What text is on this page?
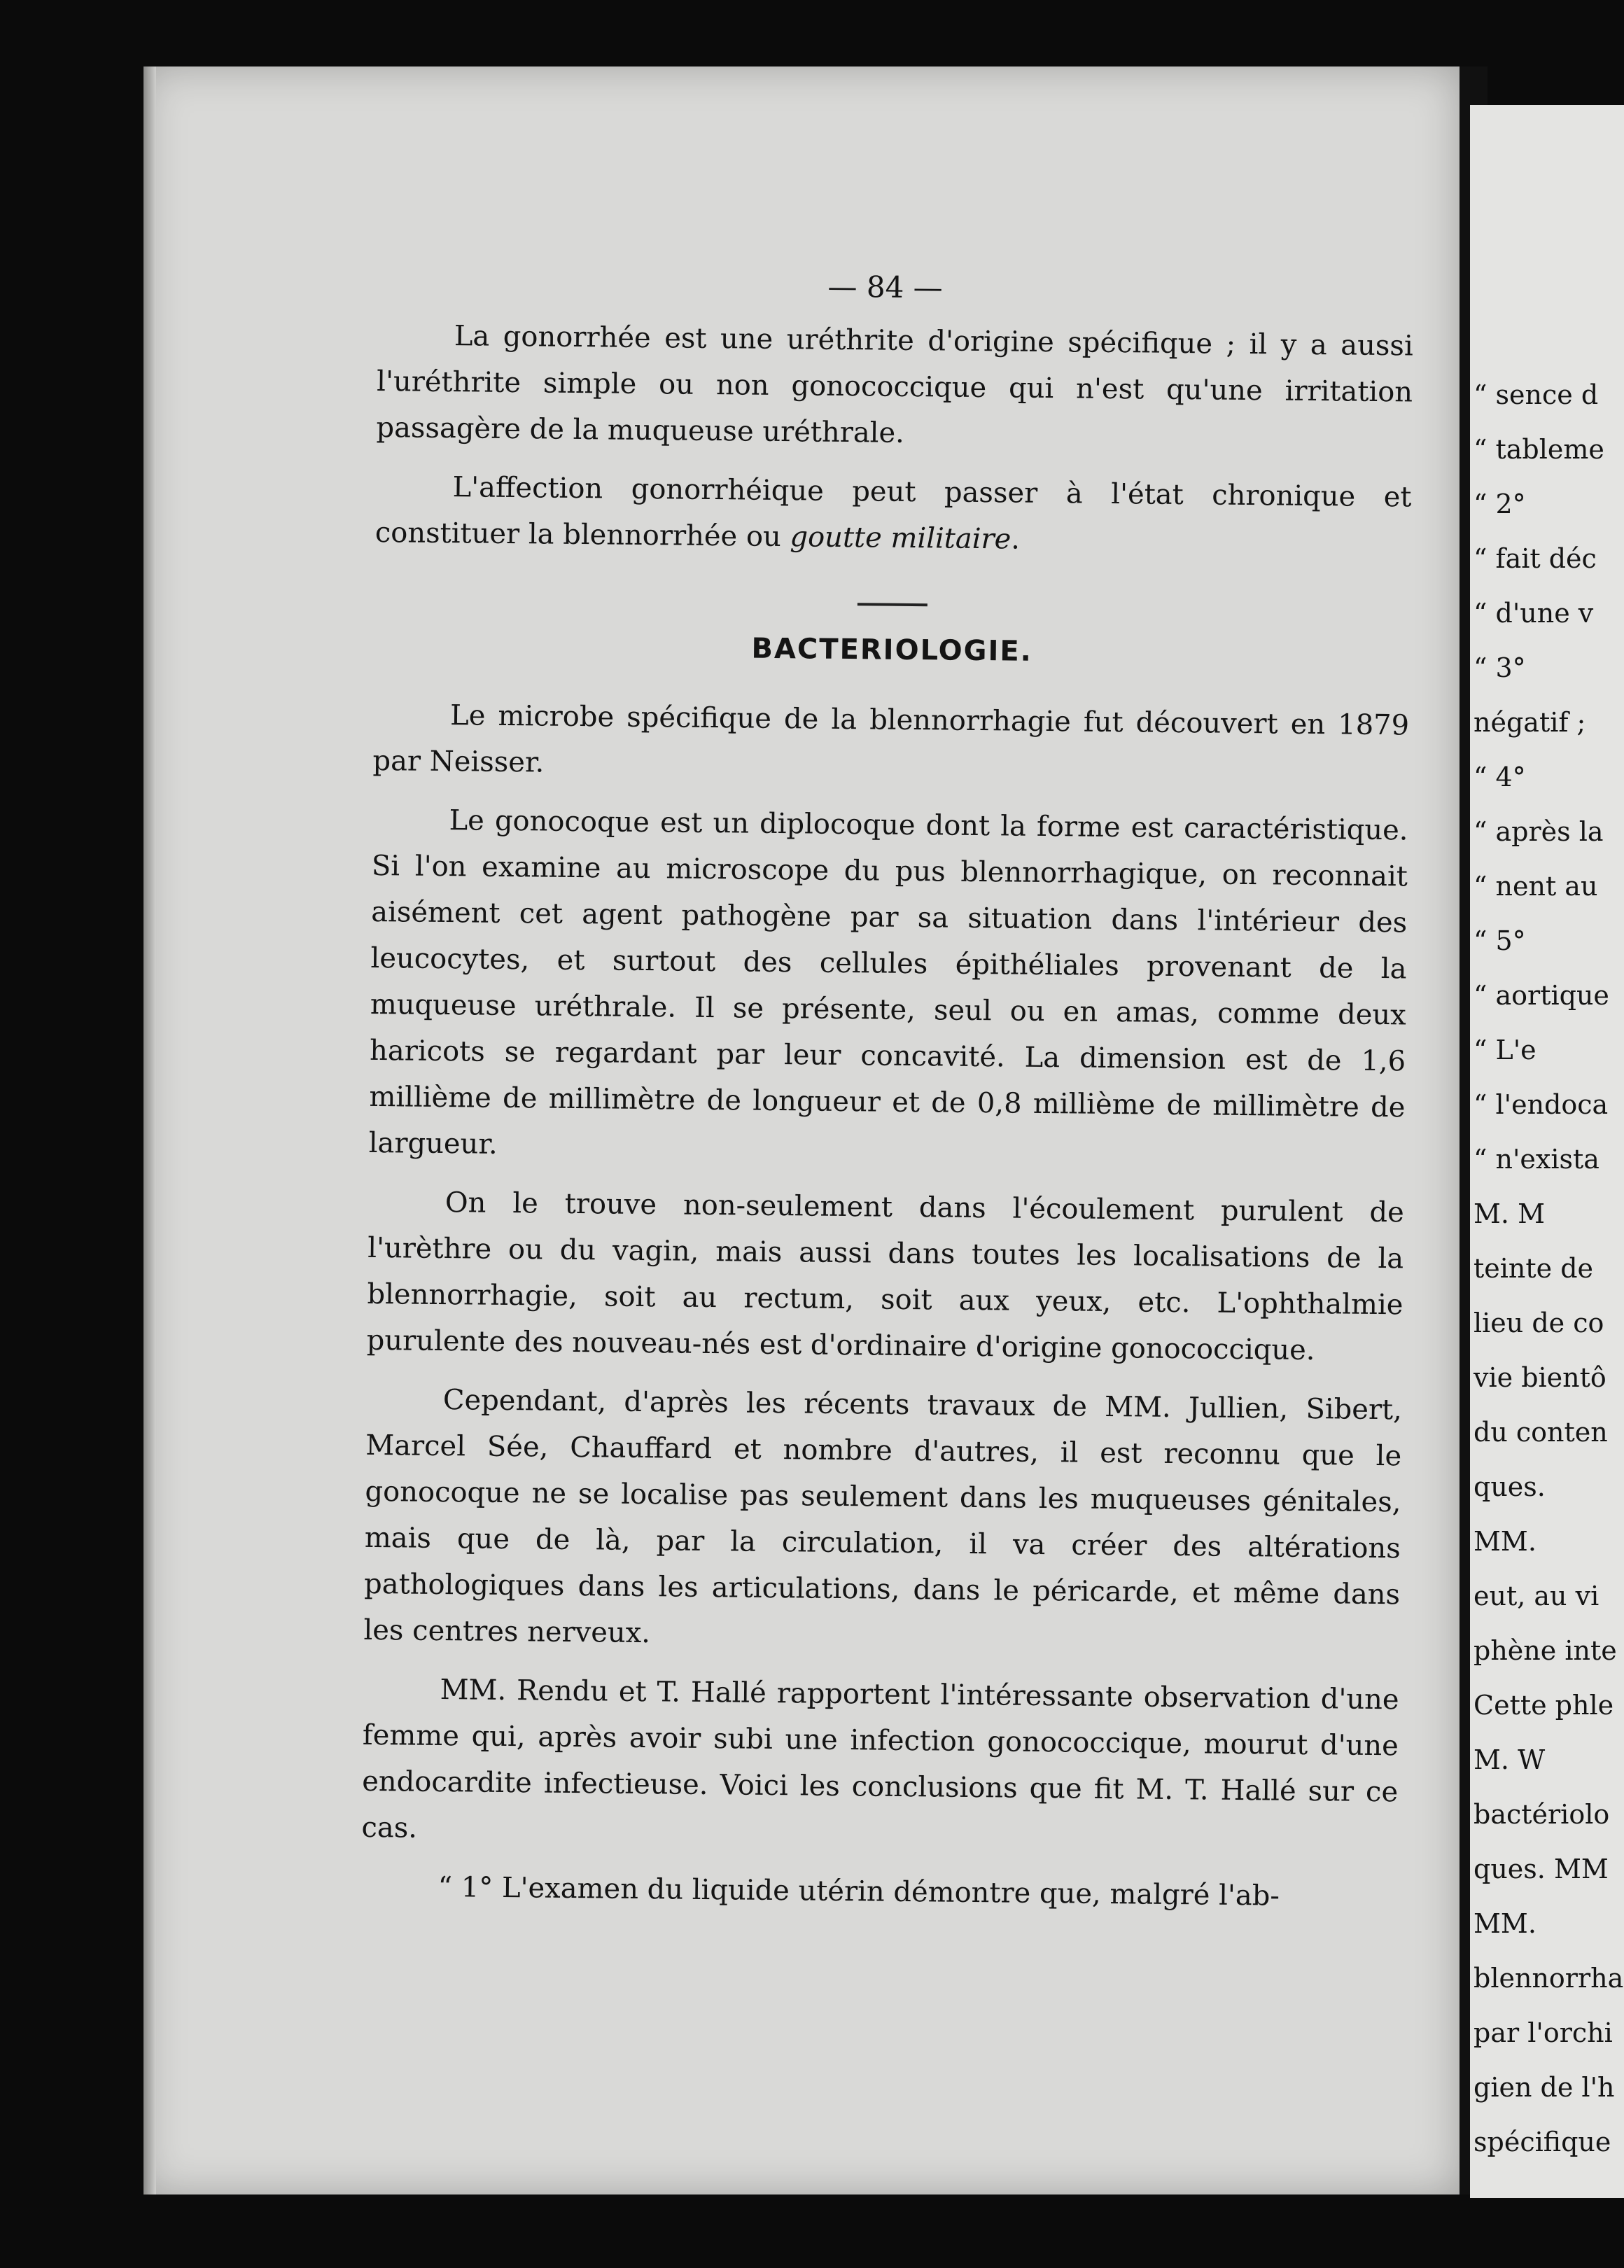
— 84 —

La gonorrhée est une uréthrite d'origine spécifique ; il y a aussi l'uréthrite simple ou non gonococcique qui n'est qu'une irritation passagère de la muqueuse uréthrale.

L'affection gonorrhéique peut passer à l'état chronique et constituer la blennorrhée ou goutte militaire.

BACTERIOLOGIE.

Le microbe spécifique de la blennorrhagie fut découvert en 1879 par Neisser.

Le gonocoque est un diplocoque dont la forme est caractéristique. Si l'on examine au microscope du pus blennorrhagique, on reconnait aisément cet agent pathogène par sa situation dans l'intérieur des leucocytes, et surtout des cellules épithéliales provenant de la muqueuse uréthrale. Il se présente, seul ou en amas, comme deux haricots se regardant par leur concavité. La dimension est de 1,6 millième de millimètre de longueur et de 0,8 millième de millimètre de largueur.

On le trouve non-seulement dans l'écoulement purulent de l'urèthre ou du vagin, mais aussi dans toutes les localisations de la blennorrhagie, soit au rectum, soit aux yeux, etc. L'ophthalmie purulente des nouveau-nés est d'ordinaire d'origine gonococcique.

Cependant, d'après les récents travaux de MM. Jullien, Sibert, Marcel Sée, Chauffard et nombre d'autres, il est reconnu que le gonocoque ne se localise pas seulement dans les muqueuses génitales, mais que de là, par la circulation, il va créer des altérations pathologiques dans les articulations, dans le péricarde, et même dans les centres nerveux.

MM. Rendu et T. Hallé rapportent l'intéressante observation d'une femme qui, après avoir subi une infection gonococcique, mourut d'une endocardite infectieuse. Voici les conclusions que fit M. T. Hallé sur ce cas.

“ 1° L'examen du liquide utérin démontre que, malgré l'ab-

“ sence d
“ tableme
“ 2°
“ fait déc
“ d'une v
“ 3°
négatif ;
“ 4°
“ après la
“ nent au
“ 5°
“ aortique
“ L'e
“ l'endoca
“ n'exista
M. M
teinte de
lieu de co
vie bientô
du conten
ques.
MM.
eut, au vi
phène inte
Cette phle
M. W
bactériolo
ques. MM
MM.
blennorrha
par l'orchi
gien de l'h
spécifique
